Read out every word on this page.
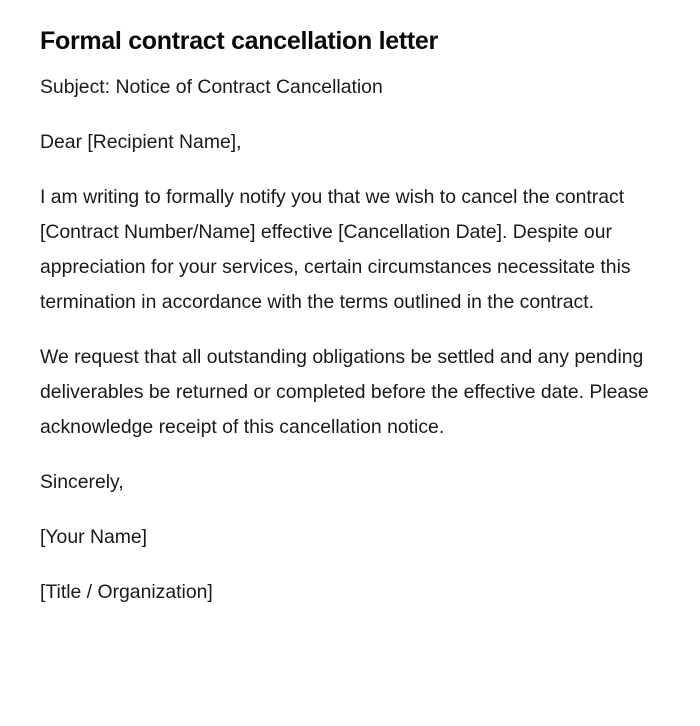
Formal contract cancellation letter

Subject: Notice of Contract Cancellation

Dear [Recipient Name],

I am writing to formally notify you that we wish to cancel the contract [Contract Number/Name] effective [Cancellation Date]. Despite our appreciation for your services, certain circumstances necessitate this termination in accordance with the terms outlined in the contract.

We request that all outstanding obligations be settled and any pending deliverables be returned or completed before the effective date. Please acknowledge receipt of this cancellation notice.

Sincerely,

[Your Name]

[Title / Organization]
